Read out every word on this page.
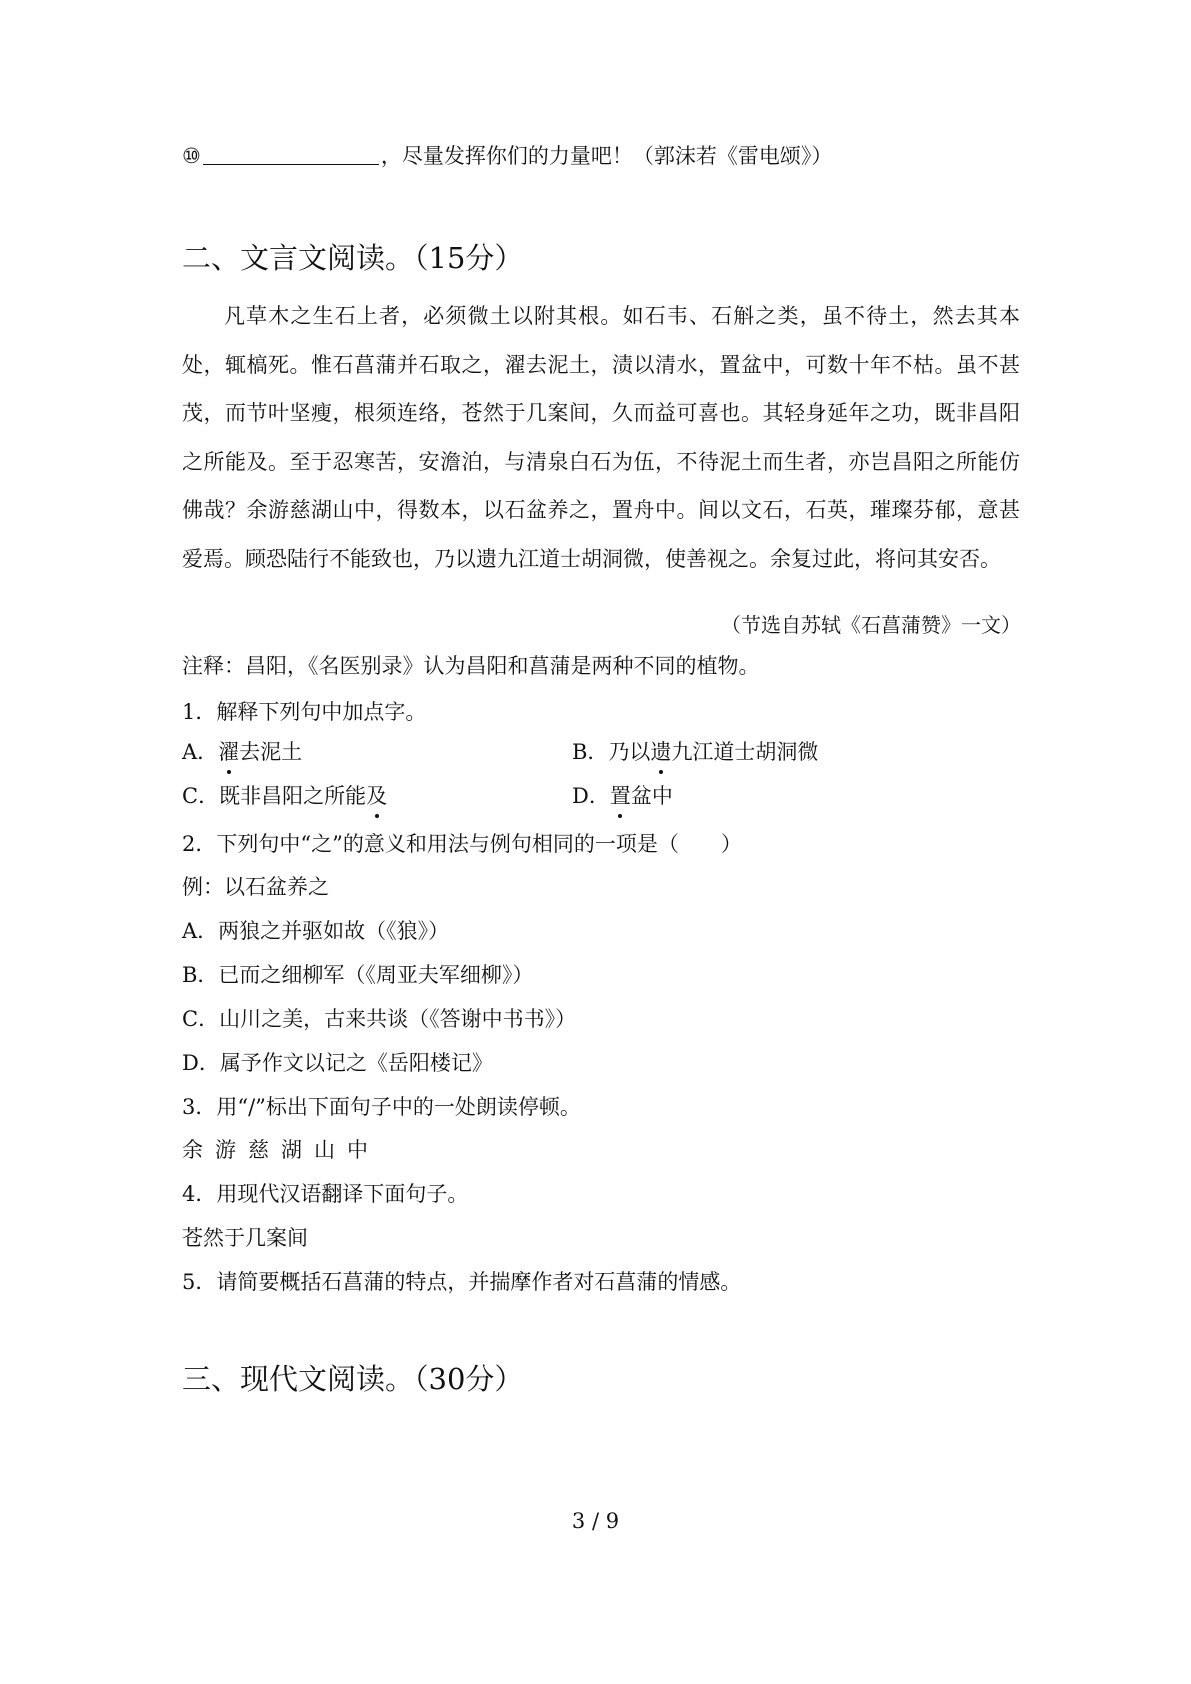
⑩	，尽量发挥你们的力量吧！（郭沫若《雷电颂》）
二、文言文阅读。（15分）
凡草木之生石上者，必须微土以附其根。如石韦、石斛之类，虽不待土，然去其本处，辄槁死。惟石菖蒲并石取之，濯去泥土，渍以清水，置盆中，可数十年不枯。虽不甚茂，而节叶坚瘦，根须连络，苍然于几案间，久而益可喜也。其轻身延年之功，既非昌阳之所能及。至于忍寒苦，安澹泊，与清泉白石为伍，不待泥土而生者，亦岂昌阳之所能仿佛哉？余游慈湖山中，得数本，以石盆养之，置舟中。间以文石，石英，璀璨芬郁，意甚爱焉。顾恐陆行不能致也，乃以遗九江道士胡洞微，使善视之。余复过此，将问其安否。
（节选自苏轼《石菖蒲赞》一文）
注释：昌阳，《名医别录》认为昌阳和菖蒲是两种不同的植物。
1．解释下列句中加点字。
A．濯去泥土	B．乃以遗九江道士胡洞微
C．既非昌阳之所能及	D．置盆中
2．下列句中“之”的意义和用法与例句相同的一项是（　　）
例：以石盆养之
A．两狼之并驱如故（《狼》）
B．已而之细柳军（《周亚夫军细柳》）
C．山川之美，古来共谈（《答谢中书书》）
D．属予作文以记之《岳阳楼记》
3．用“/”标出下面句子中的一处朗读停顿。
余游慈湖山中
4．用现代汉语翻译下面句子。
苍然于几案间
5．请简要概括石菖蒲的特点，并揣摩作者对石菖蒲的情感。
三、现代文阅读。（30分）
3 / 9
